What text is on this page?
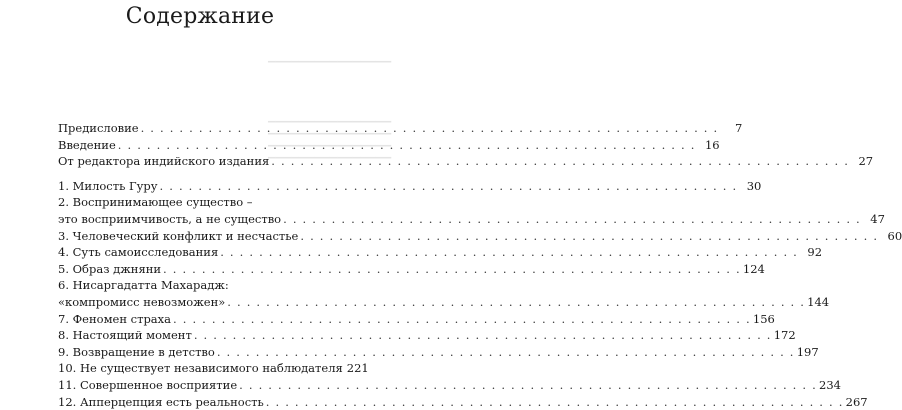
▁▁▁▁▁▁▁▁▁▁▁▁▁▁▁▁
▁▁▁▁▁▁▁▁▁▁▁▁▁▁▁▁
▁▁▁▁▁▁▁▁▁▁▁▁▁▁▁▁
▁▁▁▁▁▁▁▁▁▁▁▁▁▁▁▁
▁▁▁▁▁▁▁▁▁▁▁▁▁▁▁▁
Содержание
Предисловие . . .	7
Введение . . .	16
От редактора индийского издания . . .	27
1. Милость Гуру . . .	30
2. Воспринимающее существо –
это восприимчивость, а не существо . . .	47
3. Человеческий конфликт и несчастье . . .	60
4. Суть самоисследования . . .	92
5. Образ джняни . . .	124
6. Нисаргадатта Махарадж:
«компромисс невозможен» . . .	144
7. Феномен страха . . .	156
8. Настоящий момент . . .	172
9. Возвращение в детство . . .	197
10. Не существует независимого наблюдателя 221
11. Совершенное восприятие . . .	234
12. Апперцепция есть реальность . . .	267
